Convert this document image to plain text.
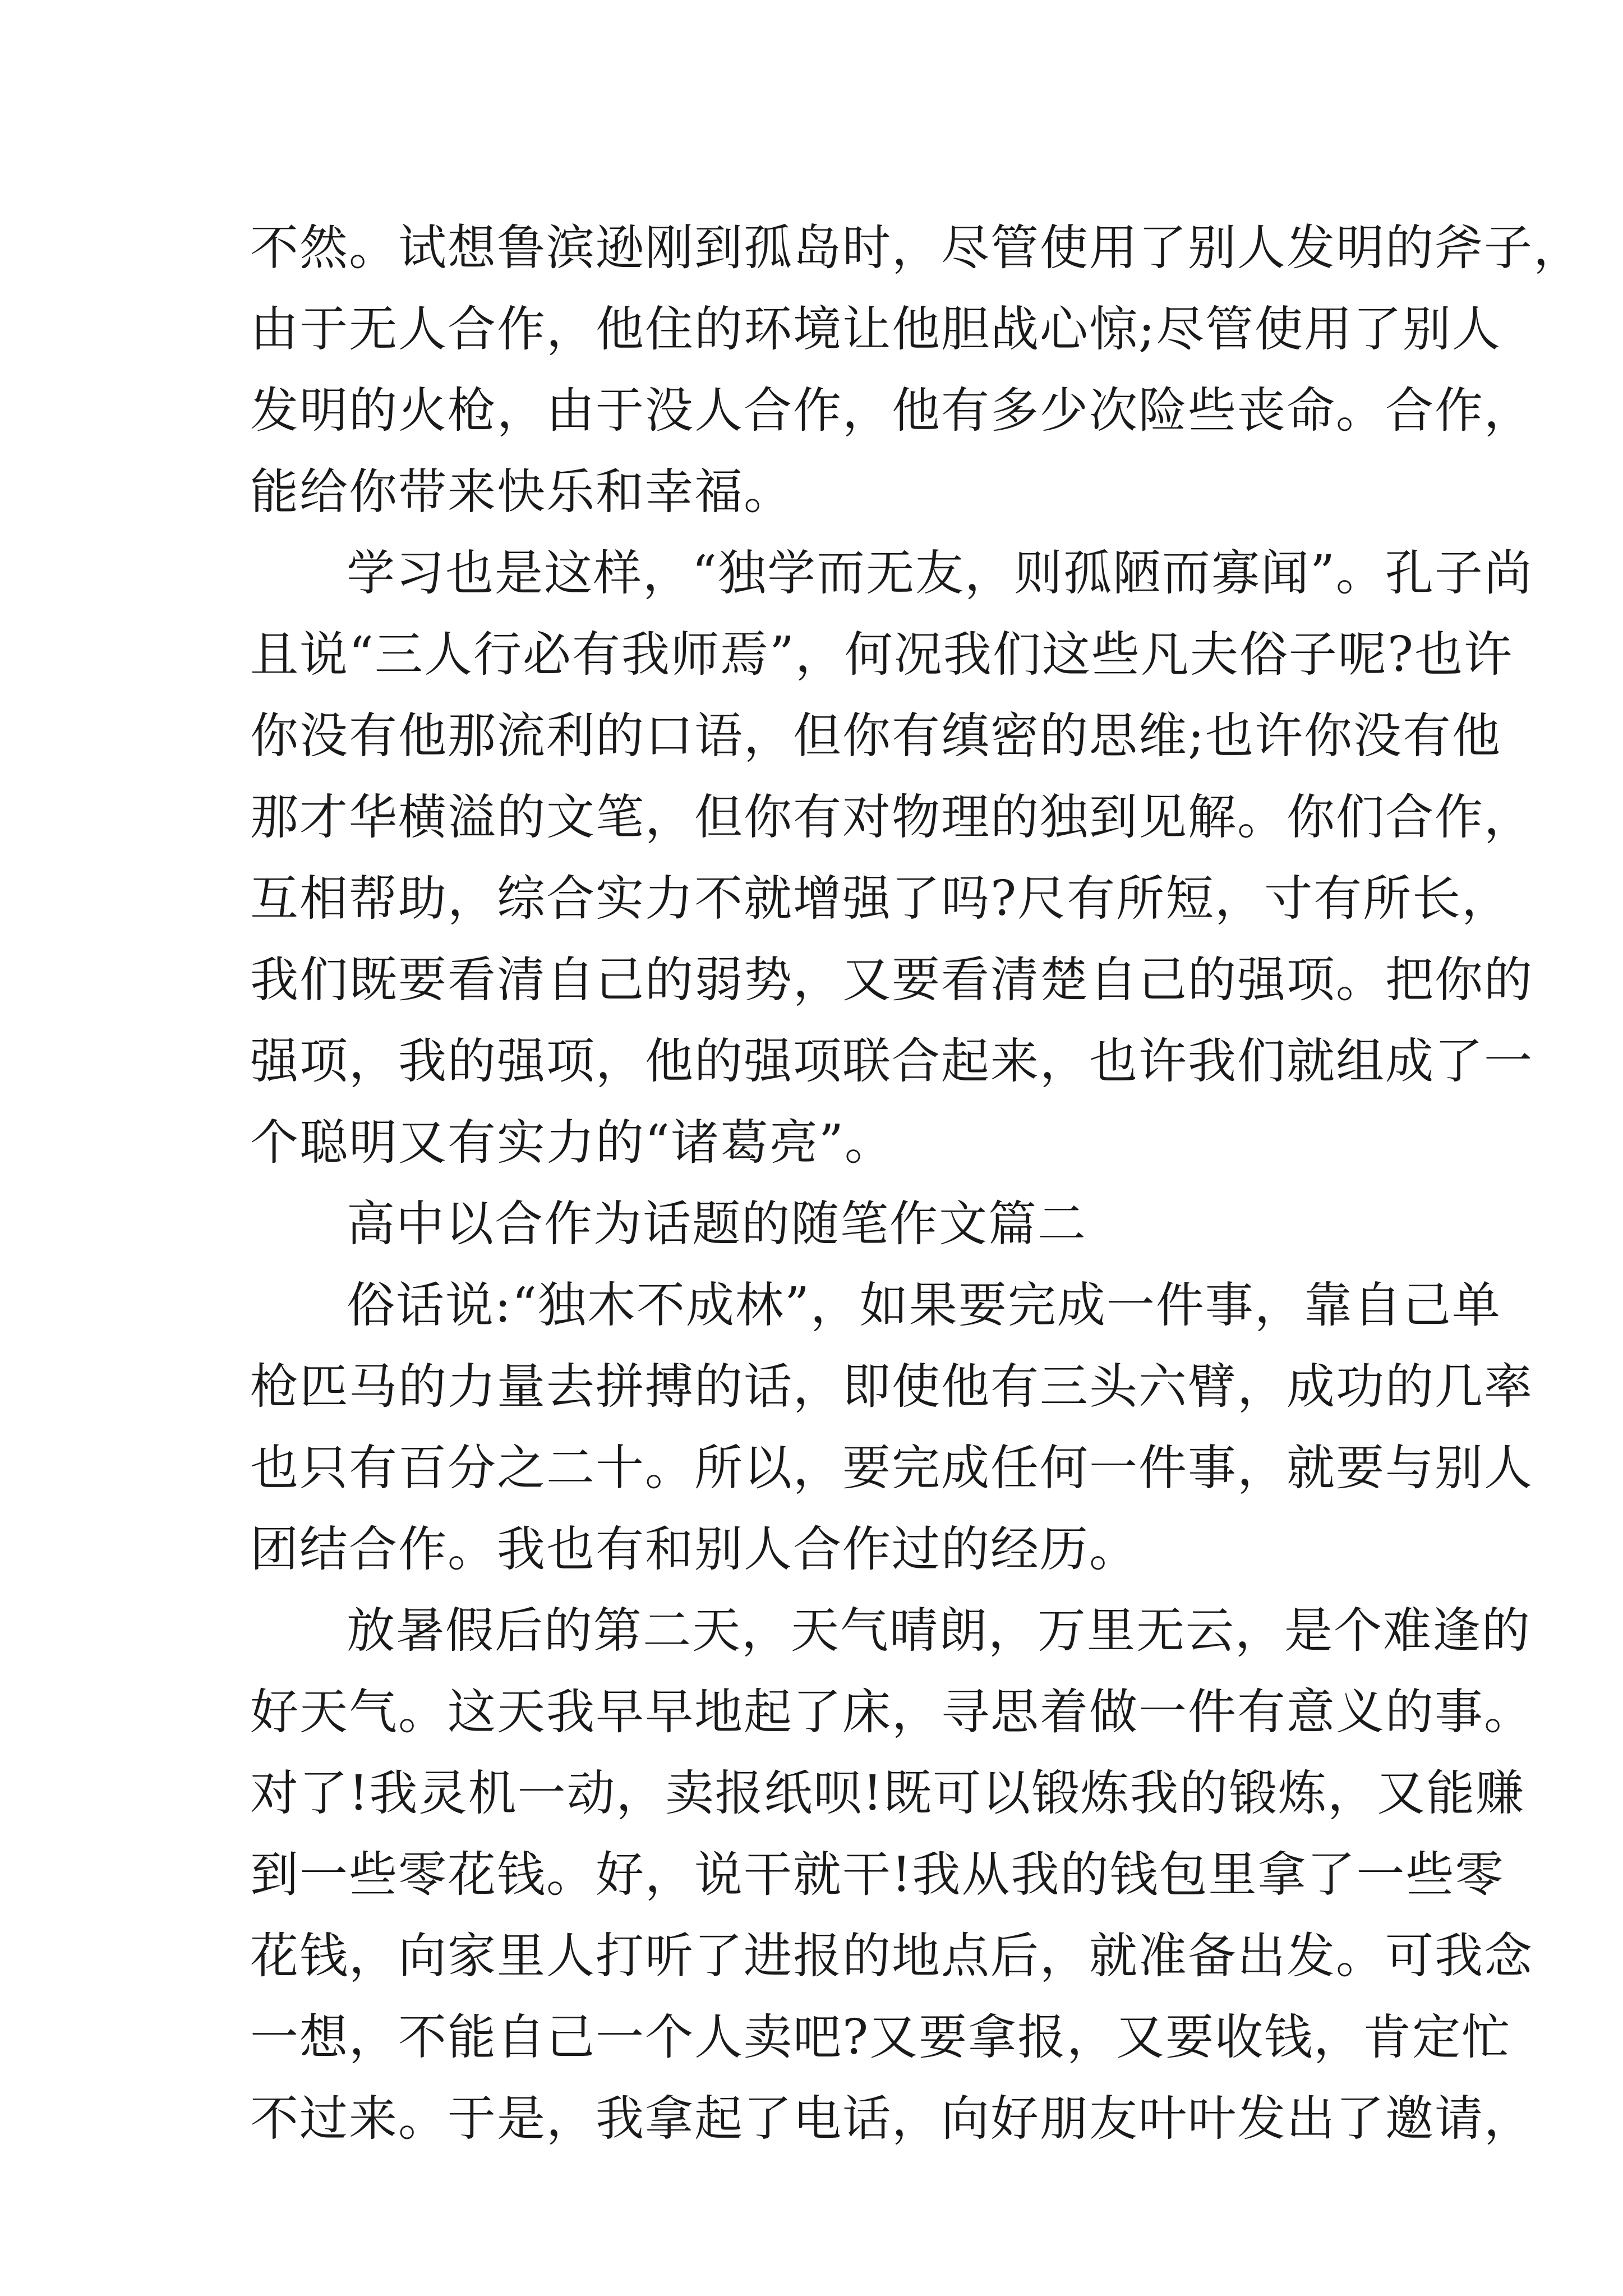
不然。试想鲁滨逊刚到孤岛时，尽管使用了别人发明的斧子，
由于无人合作，他住的环境让他胆战心惊;尽管使用了别人
发明的火枪，由于没人合作，他有多少次险些丧命。合作，
能给你带来快乐和幸福。
学习也是这样，“独学而无友，则孤陋而寡闻”。孔子尚
且说“三人行必有我师焉”，何况我们这些凡夫俗子呢?也许
你没有他那流利的口语，但你有缜密的思维;也许你没有他
那才华横溢的文笔，但你有对物理的独到见解。你们合作，
互相帮助，综合实力不就增强了吗?尺有所短，寸有所长，
我们既要看清自己的弱势，又要看清楚自己的强项。把你的
强项，我的强项，他的强项联合起来，也许我们就组成了一
个聪明又有实力的“诸葛亮”。
高中以合作为话题的随笔作文篇二
俗话说:“独木不成林”，如果要完成一件事，靠自己单
枪匹马的力量去拼搏的话，即使他有三头六臂，成功的几率
也只有百分之二十。所以，要完成任何一件事，就要与别人
团结合作。我也有和别人合作过的经历。
放暑假后的第二天，天气晴朗，万里无云，是个难逢的
好天气。这天我早早地起了床，寻思着做一件有意义的事。
对了!我灵机一动，卖报纸呗!既可以锻炼我的锻炼，又能赚
到一些零花钱。好，说干就干!我从我的钱包里拿了一些零
花钱，向家里人打听了进报的地点后，就准备出发。可我念
一想，不能自己一个人卖吧?又要拿报，又要收钱，肯定忙
不过来。于是，我拿起了电话，向好朋友叶叶发出了邀请，
